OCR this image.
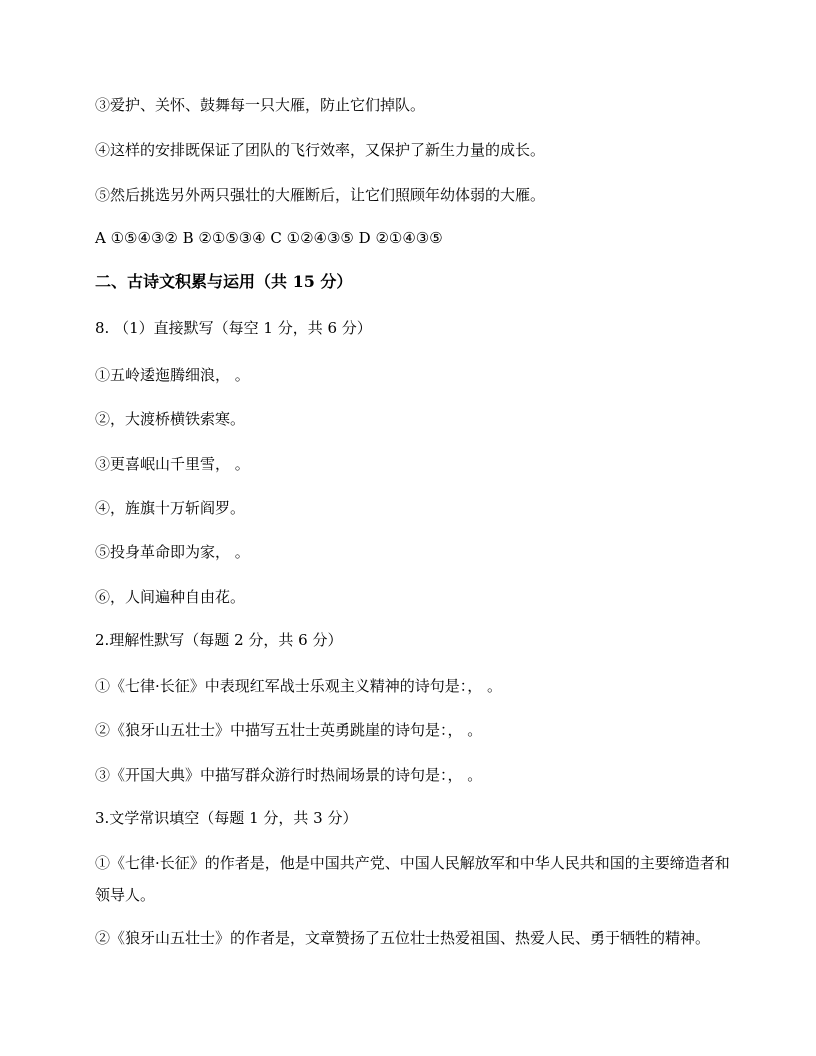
③爱护、关怀、鼓舞每一只大雁，防止它们掉队。
④这样的安排既保证了团队的飞行效率，又保护了新生力量的成长。
⑤然后挑选另外两只强壮的大雁断后，让它们照顾年幼体弱的大雁。
A ①⑤④③② B ②①⑤③④ C ①②④③⑤ D ②①④③⑤
二、古诗文积累与运用（共 15 分）
8. （1）直接默写（每空 1 分，共 6 分）
①五岭逶迤腾细浪， 。
②，大渡桥横铁索寒。
③更喜岷山千里雪， 。
④，旌旗十万斩阎罗。
⑤投身革命即为家， 。
⑥，人间遍种自由花。
2.理解性默写（每题 2 分，共 6 分）
①《七律·长征》中表现红军战士乐观主义精神的诗句是：， 。
②《狼牙山五壮士》中描写五壮士英勇跳崖的诗句是：， 。
③《开国大典》中描写群众游行时热闹场景的诗句是：， 。
3.文学常识填空（每题 1 分，共 3 分）
①《七律·长征》的作者是，他是中国共产党、中国人民解放军和中华人民共和国的主要缔造者和领导人。
②《狼牙山五壮士》的作者是，文章赞扬了五位壮士热爱祖国、热爱人民、勇于牺牲的精神。
